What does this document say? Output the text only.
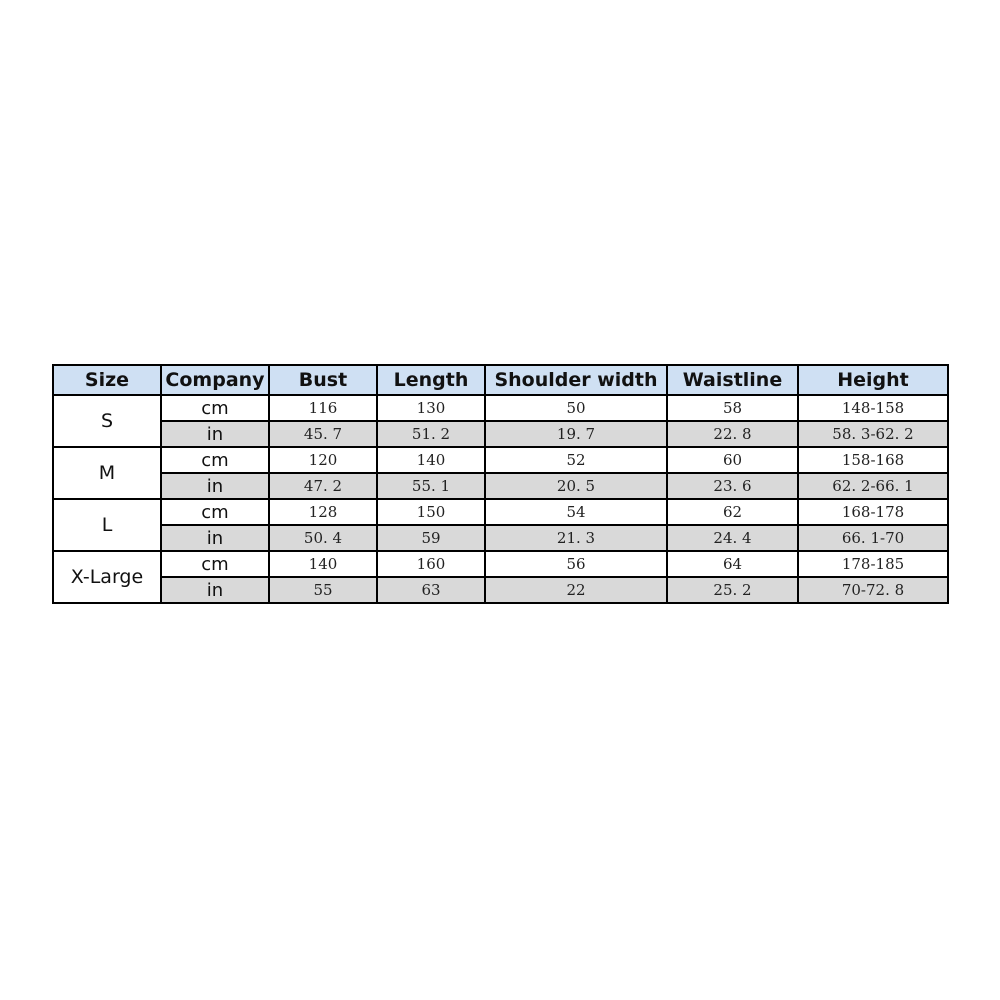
Size	Company	Bust	Length	Shoulder width	Waistline	Height
S	cm	116	130	50	58	148-158
	in	45. 7	51. 2	19. 7	22. 8	58. 3-62. 2
M	cm	120	140	52	60	158-168
	in	47. 2	55. 1	20. 5	23. 6	62. 2-66. 1
L	cm	128	150	54	62	168-178
	in	50. 4	59	21. 3	24. 4	66. 1-70
X-Large	cm	140	160	56	64	178-185
	in	55	63	22	25. 2	70-72. 8
